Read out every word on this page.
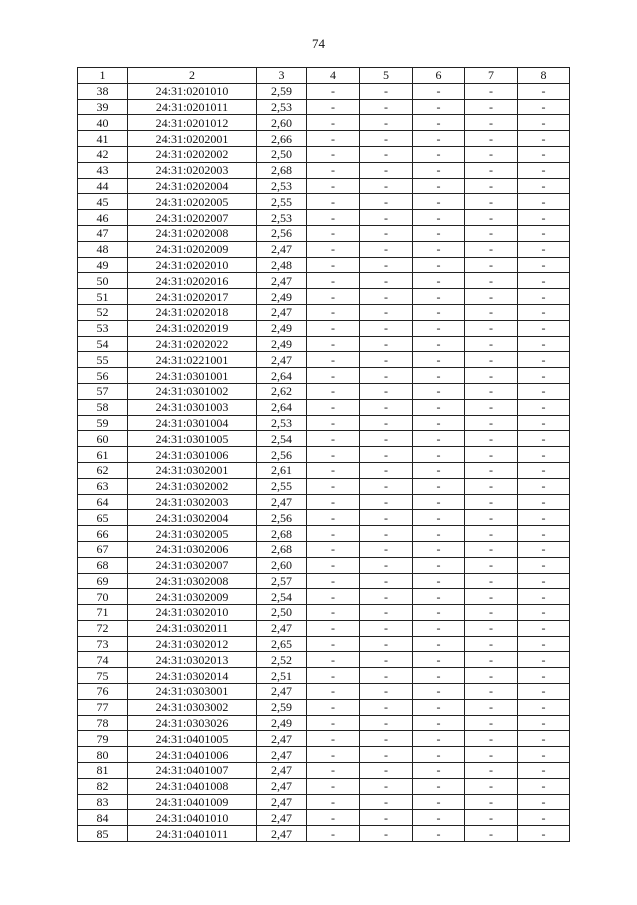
74
1	2	3	4	5	6	7	8
38	24:31:0201010	2,59	-	-	-	-	-
39	24:31:0201011	2,53	-	-	-	-	-
40	24:31:0201012	2,60	-	-	-	-	-
41	24:31:0202001	2,66	-	-	-	-	-
42	24:31:0202002	2,50	-	-	-	-	-
43	24:31:0202003	2,68	-	-	-	-	-
44	24:31:0202004	2,53	-	-	-	-	-
45	24:31:0202005	2,55	-	-	-	-	-
46	24:31:0202007	2,53	-	-	-	-	-
47	24:31:0202008	2,56	-	-	-	-	-
48	24:31:0202009	2,47	-	-	-	-	-
49	24:31:0202010	2,48	-	-	-	-	-
50	24:31:0202016	2,47	-	-	-	-	-
51	24:31:0202017	2,49	-	-	-	-	-
52	24:31:0202018	2,47	-	-	-	-	-
53	24:31:0202019	2,49	-	-	-	-	-
54	24:31:0202022	2,49	-	-	-	-	-
55	24:31:0221001	2,47	-	-	-	-	-
56	24:31:0301001	2,64	-	-	-	-	-
57	24:31:0301002	2,62	-	-	-	-	-
58	24:31:0301003	2,64	-	-	-	-	-
59	24:31:0301004	2,53	-	-	-	-	-
60	24:31:0301005	2,54	-	-	-	-	-
61	24:31:0301006	2,56	-	-	-	-	-
62	24:31:0302001	2,61	-	-	-	-	-
63	24:31:0302002	2,55	-	-	-	-	-
64	24:31:0302003	2,47	-	-	-	-	-
65	24:31:0302004	2,56	-	-	-	-	-
66	24:31:0302005	2,68	-	-	-	-	-
67	24:31:0302006	2,68	-	-	-	-	-
68	24:31:0302007	2,60	-	-	-	-	-
69	24:31:0302008	2,57	-	-	-	-	-
70	24:31:0302009	2,54	-	-	-	-	-
71	24:31:0302010	2,50	-	-	-	-	-
72	24:31:0302011	2,47	-	-	-	-	-
73	24:31:0302012	2,65	-	-	-	-	-
74	24:31:0302013	2,52	-	-	-	-	-
75	24:31:0302014	2,51	-	-	-	-	-
76	24:31:0303001	2,47	-	-	-	-	-
77	24:31:0303002	2,59	-	-	-	-	-
78	24:31:0303026	2,49	-	-	-	-	-
79	24:31:0401005	2,47	-	-	-	-	-
80	24:31:0401006	2,47	-	-	-	-	-
81	24:31:0401007	2,47	-	-	-	-	-
82	24:31:0401008	2,47	-	-	-	-	-
83	24:31:0401009	2,47	-	-	-	-	-
84	24:31:0401010	2,47	-	-	-	-	-
85	24:31:0401011	2,47	-	-	-	-	-
